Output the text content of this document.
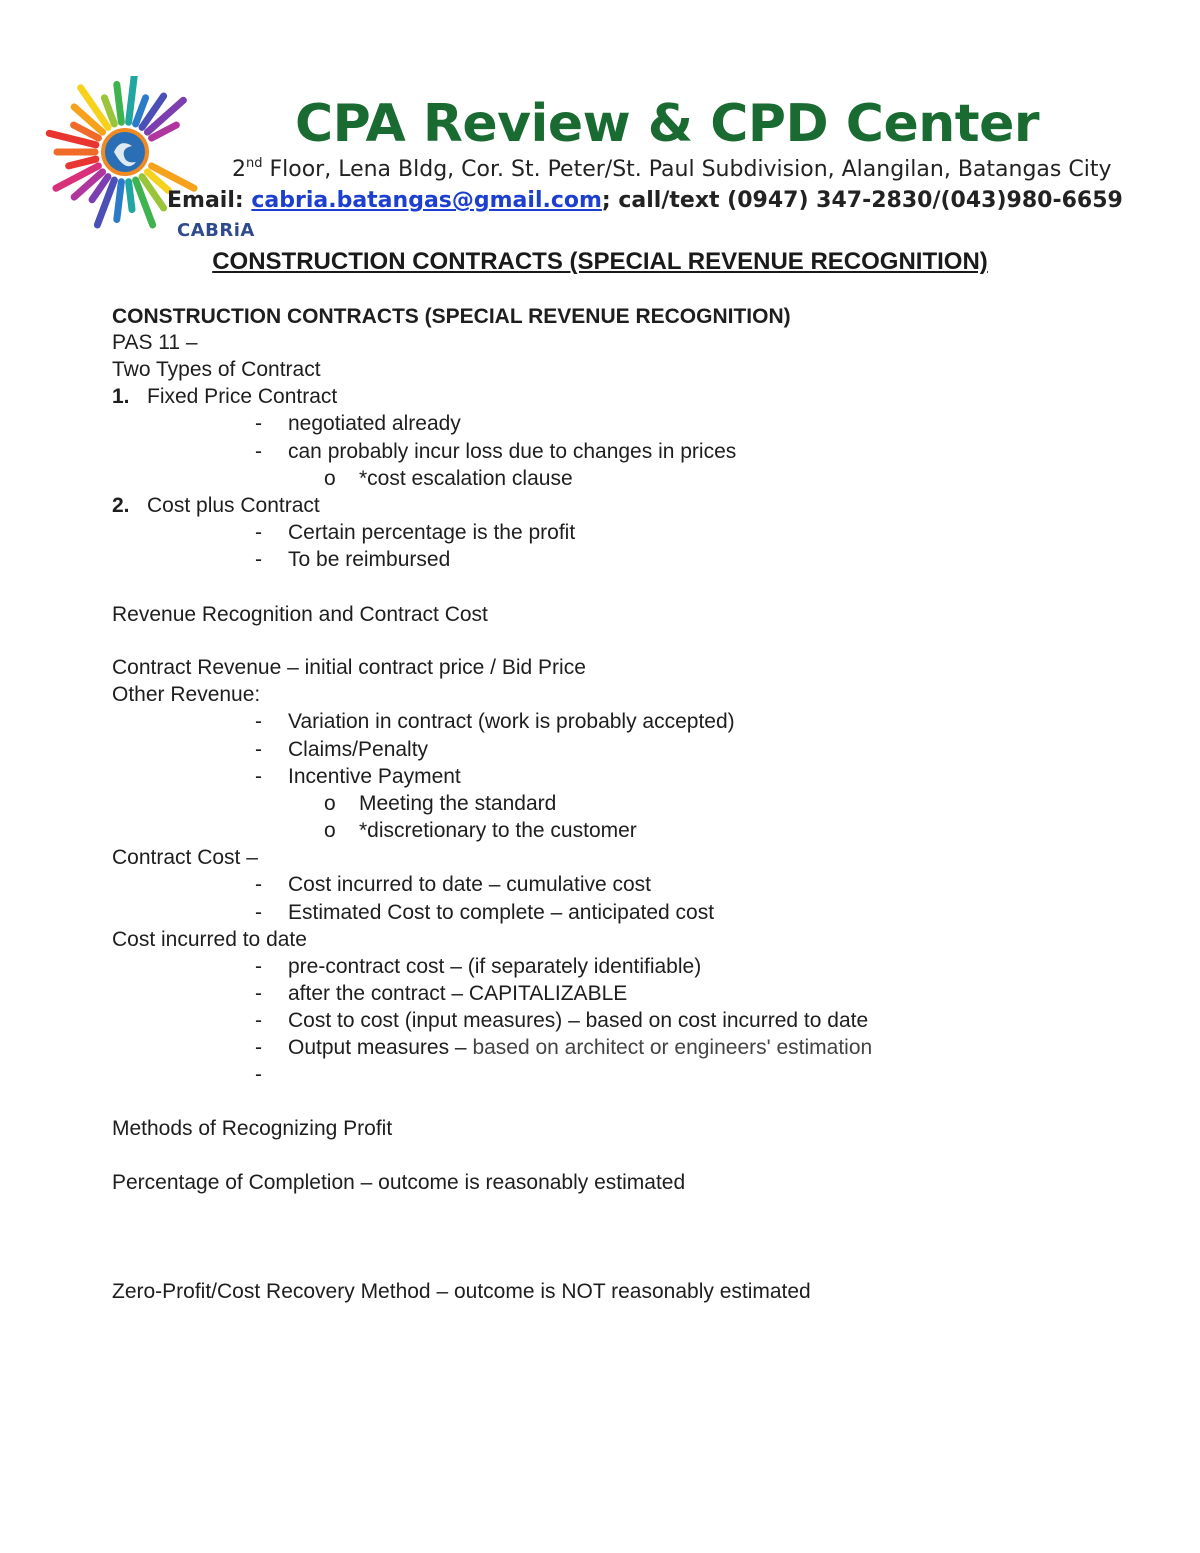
CABRiA
CPA Review & CPD Center
2nd Floor, Lena Bldg, Cor. St. Peter/St. Paul Subdivision, Alangilan, Batangas City
Email: cabria.batangas@gmail.com; call/text (0947) 347-2830/(043)980-6659
CONSTRUCTION CONTRACTS (SPECIAL REVENUE RECOGNITION)
CONSTRUCTION CONTRACTS (SPECIAL REVENUE RECOGNITION)
PAS 11 –
Two Types of Contract
1. Fixed Price Contract
- negotiated already
- can probably incur loss due to changes in prices
o *cost escalation clause
2. Cost plus Contract
- Certain percentage is the profit
- To be reimbursed
Revenue Recognition and Contract Cost
Contract Revenue – initial contract price / Bid Price
Other Revenue:
- Variation in contract (work is probably accepted)
- Claims/Penalty
- Incentive Payment
o Meeting the standard
o *discretionary to the customer
Contract Cost –
- Cost incurred to date – cumulative cost
- Estimated Cost to complete – anticipated cost
Cost incurred to date
- pre-contract cost – (if separately identifiable)
- after the contract – CAPITALIZABLE
- Cost to cost (input measures) – based on cost incurred to date
- Output measures – based on architect or engineers' estimation
-
Methods of Recognizing Profit
Percentage of Completion – outcome is reasonably estimated
Zero-Profit/Cost Recovery Method – outcome is NOT reasonably estimated
